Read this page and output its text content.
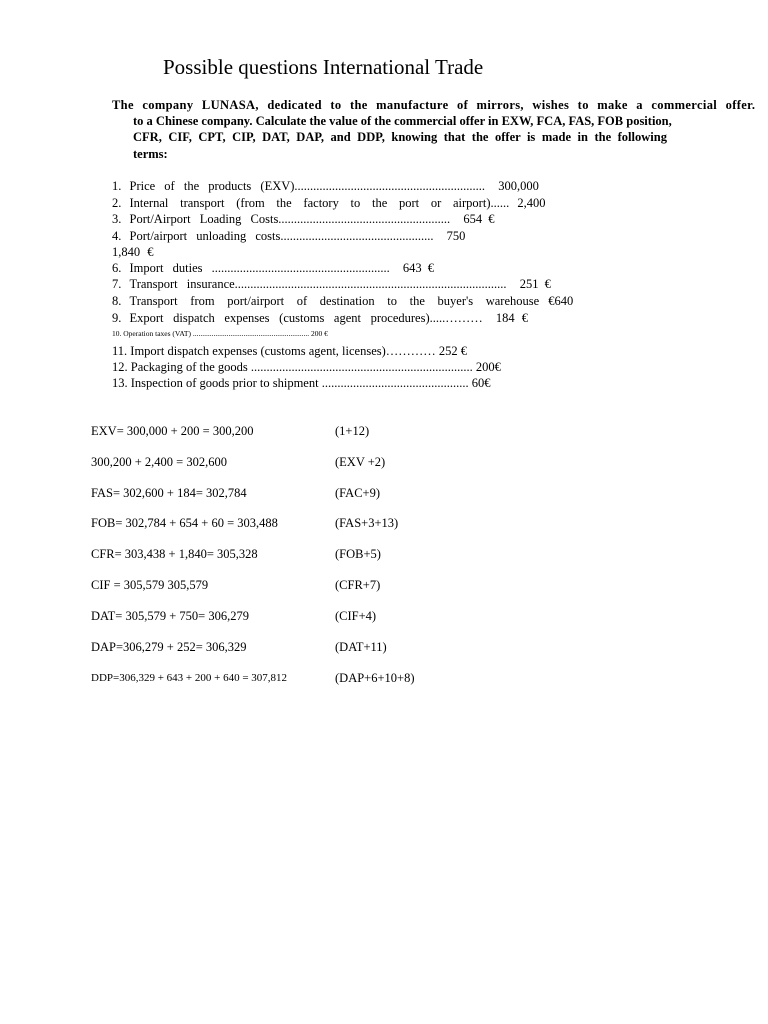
Possible questions International Trade
The company LUNASA, dedicated to the manufacture of mirrors, wishes to make a commercial offer.
to a Chinese company. Calculate the value of the commercial offer in EXW, FCA, FAS, FOB position,
CFR, CIF, CPT, CIP, DAT, DAP, and DDP, knowing that the offer is made in the following
terms:
1. Price of the products (EXV)............................................................. 300,000
2. Internal transport (from the factory to the port or airport)...... 2,400
3. Port/Airport Loading Costs....................................................... 654 €
4. Port/airport unloading costs................................................. 750
1,840 €
6. Import duties ......................................................... 643 €
7. Transport insurance....................................................................................... 251 €
8. Transport from port/airport of destination to the buyer's warehouse €640
9. Export dispatch expenses (customs agent procedures).....……… 184 €
10. Operation taxes (VAT) .............................................................. 200 €
11. Import dispatch expenses (customs agent, licenses)………… 252 €
12. Packaging of the goods ....................................................................... 200€
13. Inspection of goods prior to shipment ............................................... 60€
EXV= 300,000 + 200 = 300,200	(1+12)
300,200 + 2,400 = 302,600	(EXV +2)
FAS= 302,600 + 184= 302,784	(FAC+9)
FOB= 302,784 + 654 + 60 = 303,488	(FAS+3+13)
CFR= 303,438 + 1,840= 305,328	(FOB+5)
CIF = 305,579 305,579	(CFR+7)
DAT= 305,579 + 750= 306,279	(CIF+4)
DAP=306,279 + 252= 306,329	(DAT+11)
DDP=306,329 + 643 + 200 + 640 = 307,812	(DAP+6+10+8)
